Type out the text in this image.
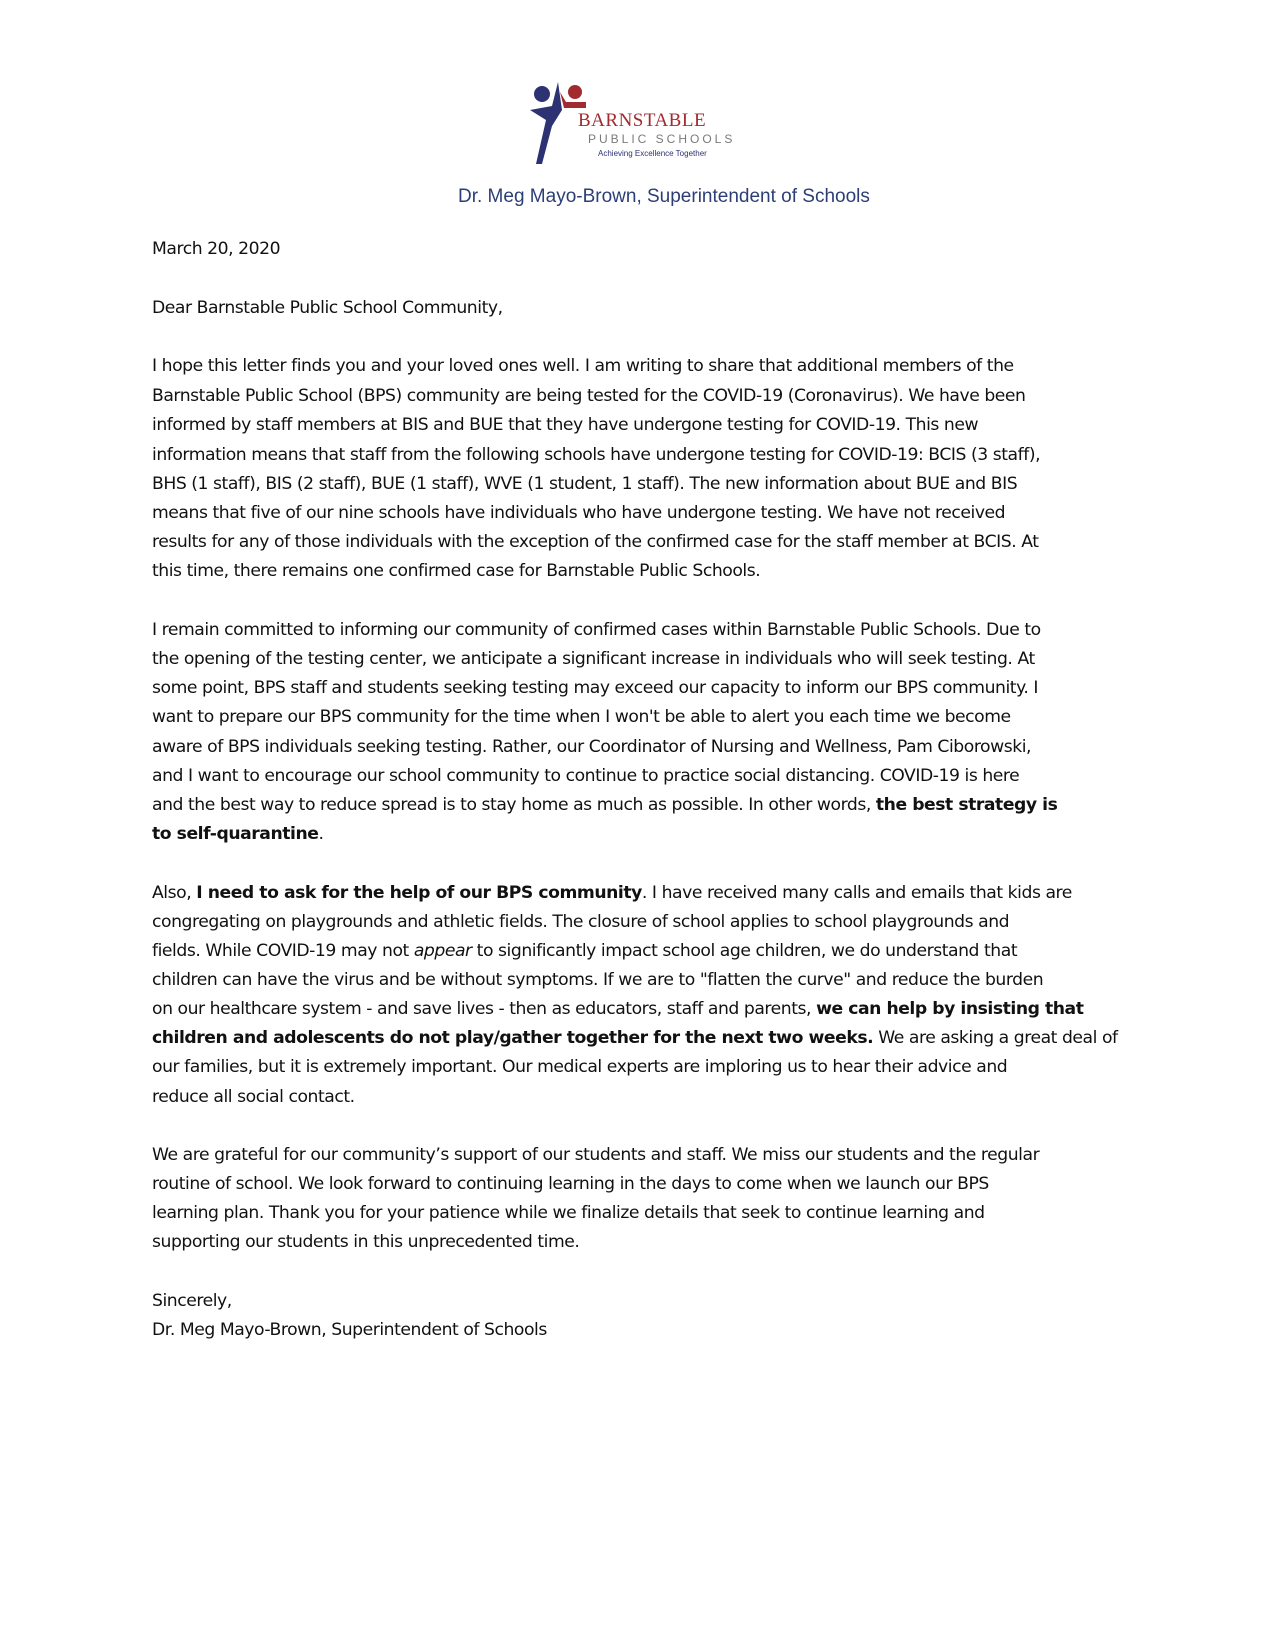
BARNSTABLE
PUBLIC SCHOOLS
Achieving Excellence Together
Dr. Meg Mayo-Brown, Superintendent of Schools
March 20, 2020
Dear Barnstable Public School Community,
I hope this letter finds you and your loved ones well. I am writing to share that additional members of the
Barnstable Public School (BPS) community are being tested for the COVID-19 (Coronavirus). We have been
informed by staff members at BIS and BUE that they have undergone testing for COVID-19. This new
information means that staff from the following schools have undergone testing for COVID-19: BCIS (3 staff),
BHS (1 staff), BIS (2 staff), BUE (1 staff), WVE (1 student, 1 staff). The new information about BUE and BIS
means that five of our nine schools have individuals who have undergone testing. We have not received
results for any of those individuals with the exception of the confirmed case for the staff member at BCIS. At
this time, there remains one confirmed case for Barnstable Public Schools.
I remain committed to informing our community of confirmed cases within Barnstable Public Schools. Due to
the opening of the testing center, we anticipate a significant increase in individuals who will seek testing. At
some point, BPS staff and students seeking testing may exceed our capacity to inform our BPS community. I
want to prepare our BPS community for the time when I won't be able to alert you each time we become
aware of BPS individuals seeking testing. Rather, our Coordinator of Nursing and Wellness, Pam Ciborowski,
and I want to encourage our school community to continue to practice social distancing. COVID-19 is here
and the best way to reduce spread is to stay home as much as possible. In other words, the best strategy is
to self-quarantine.
Also, I need to ask for the help of our BPS community. I have received many calls and emails that kids are
congregating on playgrounds and athletic fields. The closure of school applies to school playgrounds and
fields. While COVID-19 may not appear to significantly impact school age children, we do understand that
children can have the virus and be without symptoms. If we are to "flatten the curve" and reduce the burden
on our healthcare system - and save lives - then as educators, staff and parents, we can help by insisting that
children and adolescents do not play/gather together for the next two weeks. We are asking a great deal of
our families, but it is extremely important. Our medical experts are imploring us to hear their advice and
reduce all social contact.
We are grateful for our community’s support of our students and staff. We miss our students and the regular
routine of school. We look forward to continuing learning in the days to come when we launch our BPS
learning plan. Thank you for your patience while we finalize details that seek to continue learning and
supporting our students in this unprecedented time.
Sincerely,
Dr. Meg Mayo-Brown, Superintendent of Schools
